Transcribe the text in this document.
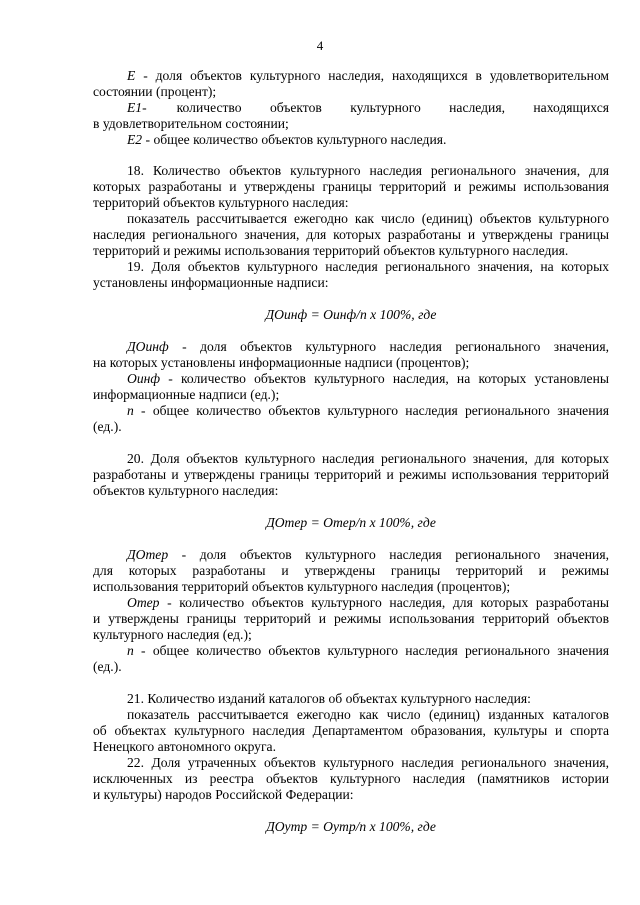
4
E - доля объектов культурного наследия, находящихся в удовлетворительном
состоянии (процент);
E1- количество объектов культурного наследия, находящихся
в удовлетворительном состоянии;
E2 - общее количество объектов культурного наследия.
18. Количество объектов культурного наследия регионального значения, для
которых разработаны и утверждены границы территорий и режимы использования
территорий объектов культурного наследия:
показатель рассчитывается ежегодно как число (единиц) объектов культурного
наследия регионального значения, для которых разработаны и утверждены границы
территорий и режимы использования территорий объектов культурного наследия.
19. Доля объектов культурного наследия регионального значения, на которых
установлены информационные надписи:
ДОинф = Оинф/n x 100%, где
ДОинф - доля объектов культурного наследия регионального значения,
на которых установлены информационные надписи (процентов);
Оинф - количество объектов культурного наследия, на которых установлены
информационные надписи (ед.);
n - общее количество объектов культурного наследия регионального значения
(ед.).
20. Доля объектов культурного наследия регионального значения, для которых
разработаны и утверждены границы территорий и режимы использования территорий
объектов культурного наследия:
ДОтер = Отер/n x 100%, где
ДОтер - доля объектов культурного наследия регионального значения,
для которых разработаны и утверждены границы территорий и режимы
использования территорий объектов культурного наследия (процентов);
Отер - количество объектов культурного наследия, для которых разработаны
и утверждены границы территорий и режимы использования территорий объектов
культурного наследия (ед.);
n - общее количество объектов культурного наследия регионального значения
(ед.).
21. Количество изданий каталогов об объектах культурного наследия:
показатель рассчитывается ежегодно как число (единиц) изданных каталогов
об объектах культурного наследия Департаментом образования, культуры и спорта
Ненецкого автономного округа.
22. Доля утраченных объектов культурного наследия регионального значения,
исключенных из реестра объектов культурного наследия (памятников истории
и культуры) народов Российской Федерации:
ДОутр = Оутр/n x 100%, где
